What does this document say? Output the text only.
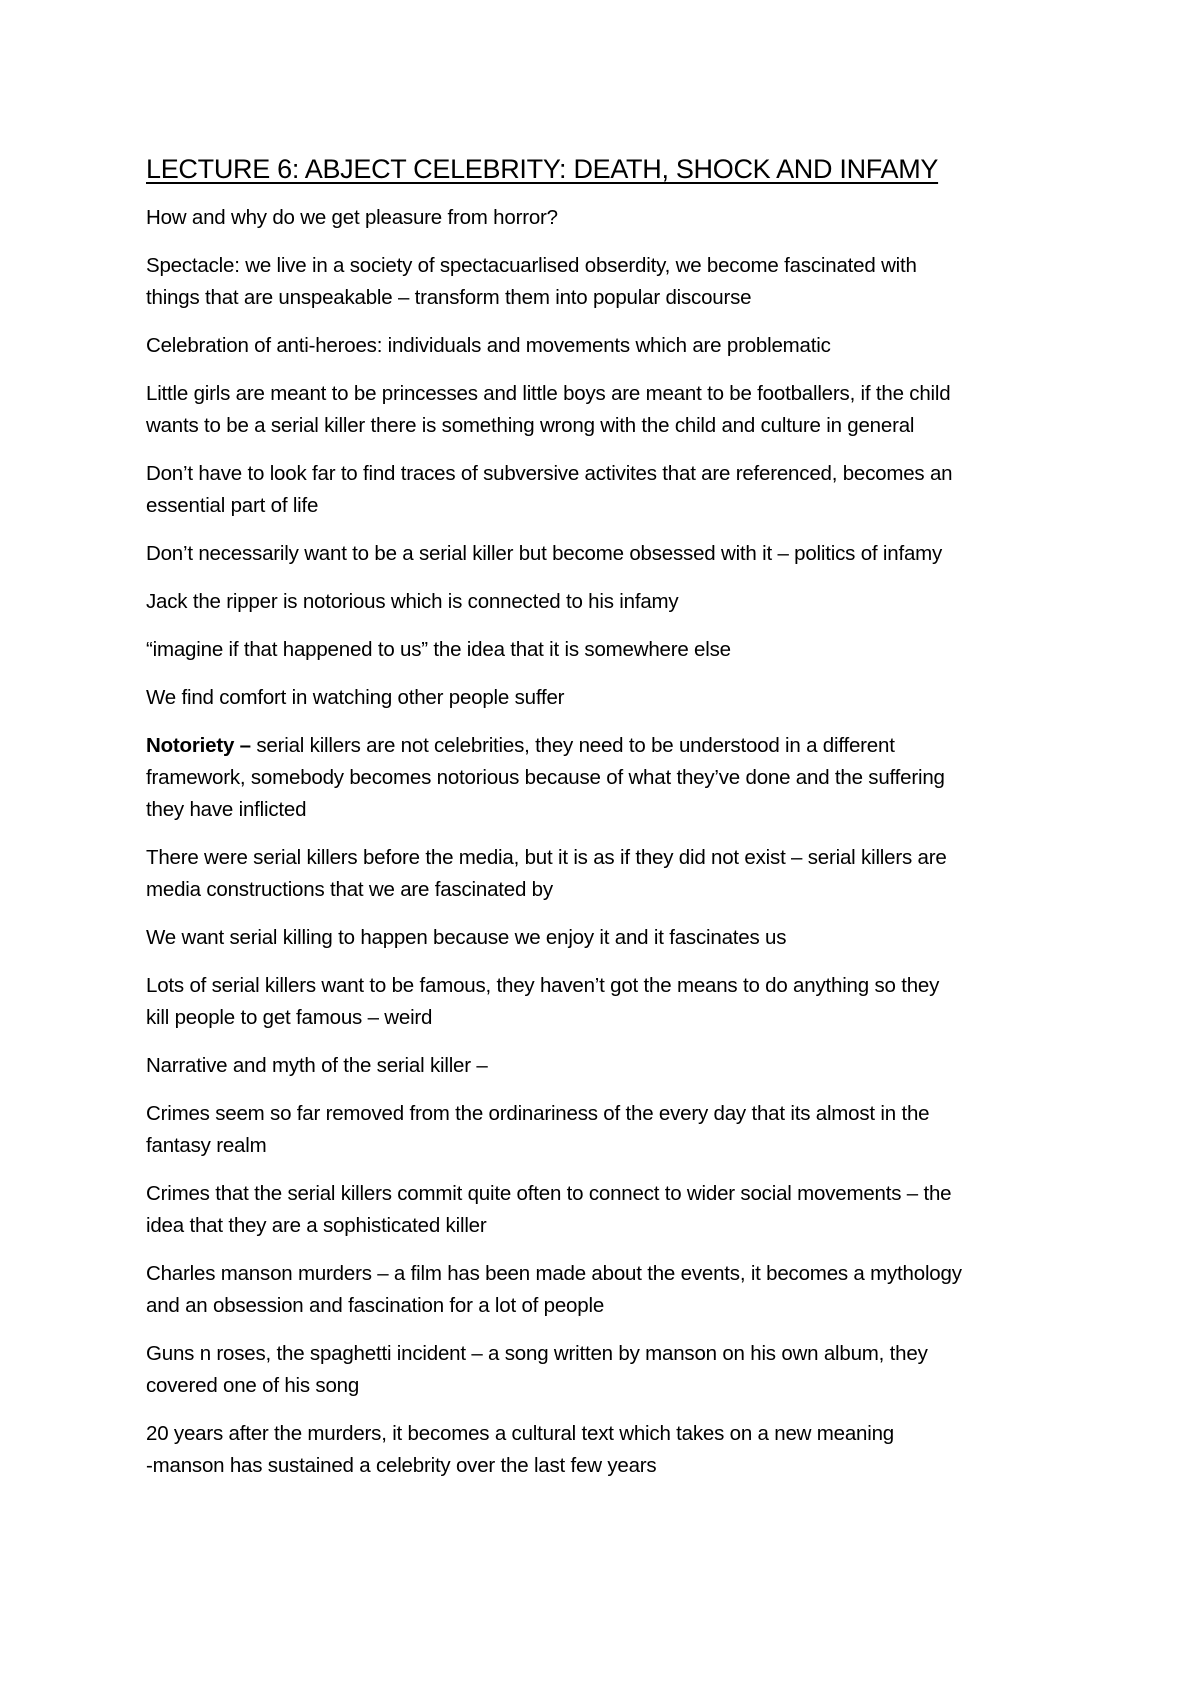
LECTURE 6: ABJECT CELEBRITY: DEATH, SHOCK AND INFAMY
How and why do we get pleasure from horror?
Spectacle: we live in a society of spectacuarlised obserdity, we become fascinated with
things that are unspeakable – transform them into popular discourse
Celebration of anti-heroes: individuals and movements which are problematic
Little girls are meant to be princesses and little boys are meant to be footballers, if the child
wants to be a serial killer there is something wrong with the child and culture in general
Don’t have to look far to find traces of subversive activites that are referenced, becomes an
essential part of life
Don’t necessarily want to be a serial killer but become obsessed with it – politics of infamy
Jack the ripper is notorious which is connected to his infamy
“imagine if that happened to us” the idea that it is somewhere else
We find comfort in watching other people suffer
Notoriety – serial killers are not celebrities, they need to be understood in a different
framework, somebody becomes notorious because of what they’ve done and the suffering
they have inflicted
There were serial killers before the media, but it is as if they did not exist – serial killers are
media constructions that we are fascinated by
We want serial killing to happen because we enjoy it and it fascinates us
Lots of serial killers want to be famous, they haven’t got the means to do anything so they
kill people to get famous – weird
Narrative and myth of the serial killer –
Crimes seem so far removed from the ordinariness of the every day that its almost in the
fantasy realm
Crimes that the serial killers commit quite often to connect to wider social movements – the
idea that they are a sophisticated killer
Charles manson murders – a film has been made about the events, it becomes a mythology
and an obsession and fascination for a lot of people
Guns n roses, the spaghetti incident – a song written by manson on his own album, they
covered one of his song
20 years after the murders, it becomes a cultural text which takes on a new meaning
-manson has sustained a celebrity over the last few years
